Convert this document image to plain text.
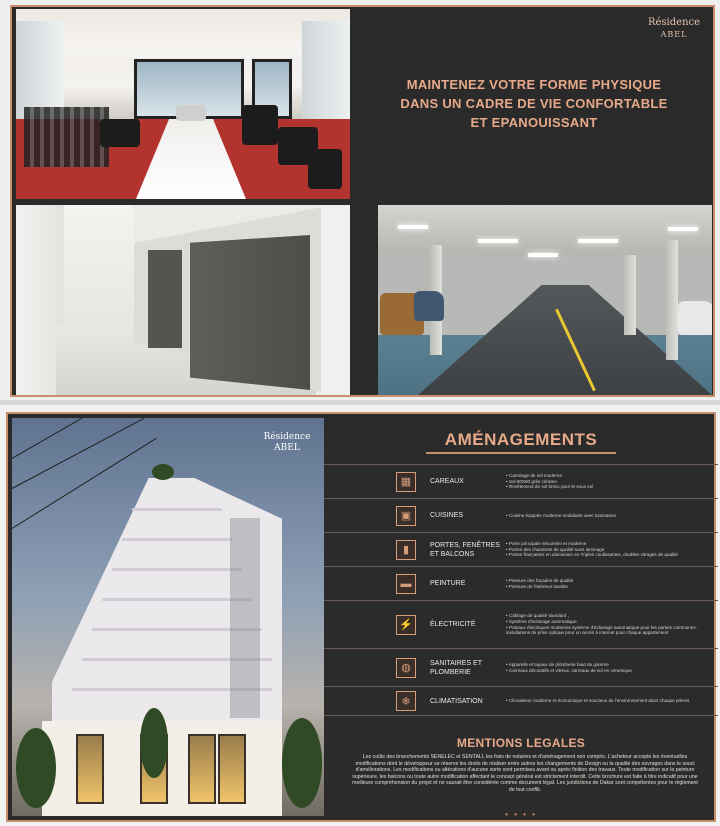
Résidence
ABEL
MAINTENEZ VOTRE FORME PHYSIQUE
DANS UN CADRE DE VIE CONFORTABLE
ET EPANOUISSANT
Résidence
ABEL	AMÉNAGEMENTS
▦	CAREAUX
• Carrelage de sol moderne
• Sol 60X60 grès cérame
• Revêtement de sol brmix pour le sous sol
▣	CUISINES	• Cuisine équipée moderne modulaire avec luminaires
▮	PORTES, FENÊTRES ET BALCONS
• Porte principale sécurisée et moderne
• Portes des chambres de qualité sans laminage
• Portes françaises en aluminium en Triples coulissantes, doubles vitrages de qualité
▬	PEINTURE	• Peinture des façades de qualité
• Peinture de l'intérieur lavable
⚡	ÉLECTRICITÉ
• Câblage de qualité standard ,
• Système d'éclairage automatique
• Poteaux électriques modernes système d'éclairage automatique pour les parties communes , installations de prise optique pour un accès à internet pour chaque appartement
◍	SANITAIRES ET PLOMBERIE
• Appareils et tuyaux de plomberie haut de gamme
• Carreaux décoratifs et vitreux, carreaux de sol en céramique
❄	CLIMATISATION	• Climatiseur moderne et économique et soucieux de l'environnement dans chaque pièces
MENTIONS LEGALES
Les coûts des branchements SENELEC et SENTALL les frais de notaires et d'aménagement non compris. L'acheteur accepte les éventuelles modifications dont le développeur se réserve les droits de réaliser entre autres les changements de Design ou la qualité des ouvrages dans le souci d'améliorations. Les modifications ou altérations d'aucune sorte sont permises avant ou après finition des travaux. Toute modification sur la peinture supérieure, les balcons ou toute autre modification affectant le concept général est strictement interdit. Cette brochure est faite à titre indicatif pour une meilleure compréhension du projet et ne saurait être considérée comme document légal. Les juridictions de Dakar sont compétentes pour le règlement de tout conflit.
• • • •
